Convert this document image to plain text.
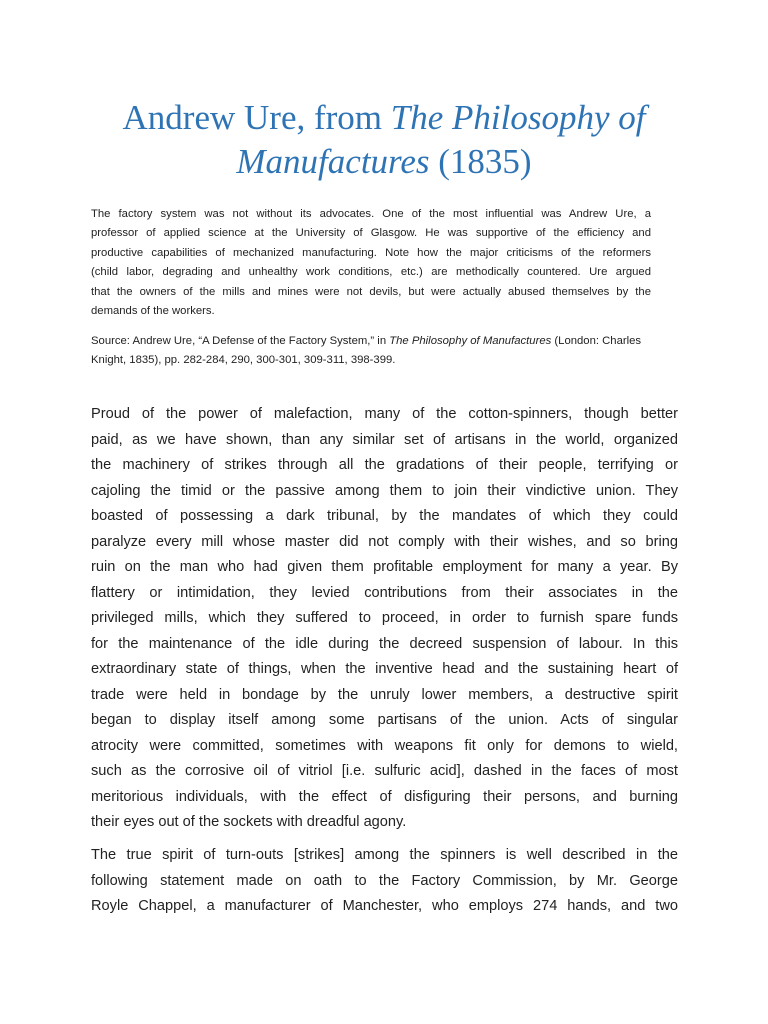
Andrew Ure, from The Philosophy of Manufactures (1835)
The factory system was not without its advocates. One of the most influential was Andrew Ure, a
professor of applied science at the University of Glasgow. He was supportive of the efficiency and
productive capabilities of mechanized manufacturing. Note how the major criticisms of the reformers
(child labor, degrading and unhealthy work conditions, etc.) are methodically countered. Ure argued
that the owners of the mills and mines were not devils, but were actually abused themselves by the
demands of the workers.
Source: Andrew Ure, “A Defense of the Factory System,” in The Philosophy of Manufactures (London: Charles
Knight, 1835), pp. 282-284, 290, 300-301, 309-311, 398-399.
Proud of the power of malefaction, many of the cotton-spinners, though better
paid, as we have shown, than any similar set of artisans in the world, organized
the machinery of strikes through all the gradations of their people, terrifying or
cajoling the timid or the passive among them to join their vindictive union. They
boasted of possessing a dark tribunal, by the mandates of which they could
paralyze every mill whose master did not comply with their wishes, and so bring
ruin on the man who had given them profitable employment for many a year. By
flattery or intimidation, they levied contributions from their associates in the
privileged mills, which they suffered to proceed, in order to furnish spare funds
for the maintenance of the idle during the decreed suspension of labour. In this
extraordinary state of things, when the inventive head and the sustaining heart of
trade were held in bondage by the unruly lower members, a destructive spirit
began to display itself among some partisans of the union. Acts of singular
atrocity were committed, sometimes with weapons fit only for demons to wield,
such as the corrosive oil of vitriol [i.e. sulfuric acid], dashed in the faces of most
meritorious individuals, with the effect of disfiguring their persons, and burning
their eyes out of the sockets with dreadful agony.
The true spirit of turn-outs [strikes] among the spinners is well described in the
following statement made on oath to the Factory Commission, by Mr. George
Royle Chappel, a manufacturer of Manchester, who employs 274 hands, and two
